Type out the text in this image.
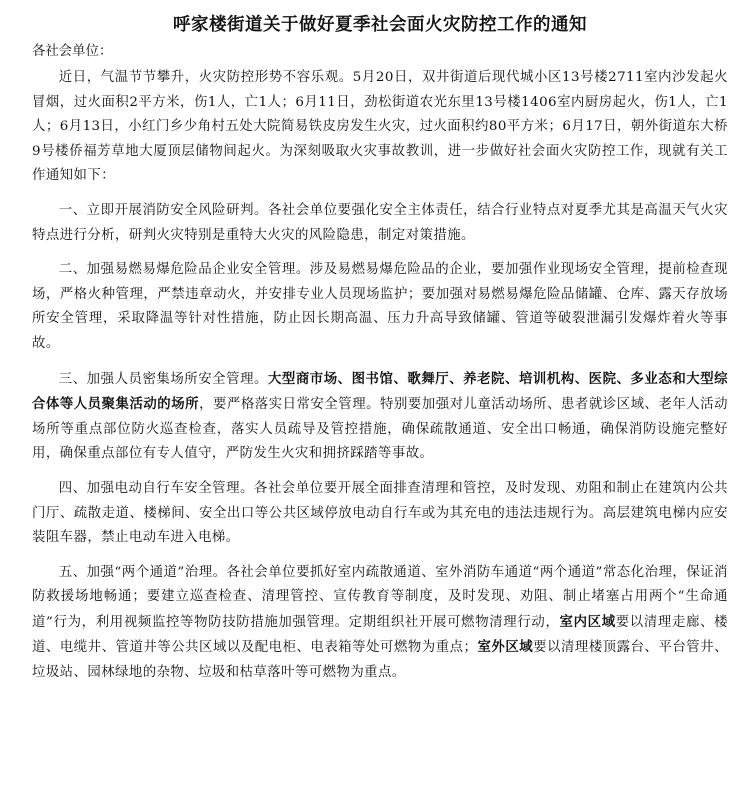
呼家楼街道关于做好夏季社会面火灾防控工作的通知
各社会单位：

近日，气温节节攀升，火灾防控形势不容乐观。5月20日，双井街道后现代城小区13号楼2711室内沙发起火冒烟，过火面积2平方米，伤1人，亡1人；6月11日，劲松街道农光东里13号楼1406室内厨房起火，伤1人，亡1人；6月13日，小红门乡少角村五处大院简易铁皮房发生火灾，过火面积约80平方米；6月17日，朝外街道东大桥9号楼侨福芳草地大厦顶层储物间起火。为深刻吸取火灾事故教训，进一步做好社会面火灾防控工作，现就有关工作通知如下：

一、立即开展消防安全风险研判。各社会单位要强化安全主体责任，结合行业特点对夏季尤其是高温天气火灾特点进行分析，研判火灾特别是重特大火灾的风险隐患，制定对策措施。

二、加强易燃易爆危险品企业安全管理。涉及易燃易爆危险品的企业，要加强作业现场安全管理，提前检查现场，严格火种管理，严禁违章动火，并安排专业人员现场监护；要加强对易燃易爆危险品储罐、仓库、露天存放场所安全管理，采取降温等针对性措施，防止因长期高温、压力升高导致储罐、管道等破裂泄漏引发爆炸着火等事故。

三、加强人员密集场所安全管理。大型商市场、图书馆、歌舞厅、养老院、培训机构、医院、多业态和大型综合体等人员聚集活动的场所，要严格落实日常安全管理。特别要加强对儿童活动场所、患者就诊区域、老年人活动场所等重点部位防火巡查检查，落实人员疏导及管控措施，确保疏散通道、安全出口畅通，确保消防设施完整好用，确保重点部位有专人值守，严防发生火灾和拥挤踩踏等事故。

四、加强电动自行车安全管理。各社会单位要开展全面排查清理和管控，及时发现、劝阻和制止在建筑内公共门厅、疏散走道、楼梯间、安全出口等公共区域停放电动自行车或为其充电的违法违规行为。高层建筑电梯内应安装阻车器，禁止电动车进入电梯。

五、加强“两个通道”治理。各社会单位要抓好室内疏散通道、室外消防车通道“两个通道”常态化治理，保证消防救援场地畅通；要建立巡查检查、清理管控、宣传教育等制度，及时发现、劝阻、制止堵塞占用两个“生命通道”行为，利用视频监控等物防技防措施加强管理。定期组织社开展可燃物清理行动，室内区域要以清理走廊、楼道、电缆井、管道井等公共区域以及配电柜、电表箱等处可燃物为重点；室外区域要以清理楼顶露台、平台管井、垃圾站、园林绿地的杂物、垃圾和枯草落叶等可燃物为重点。
